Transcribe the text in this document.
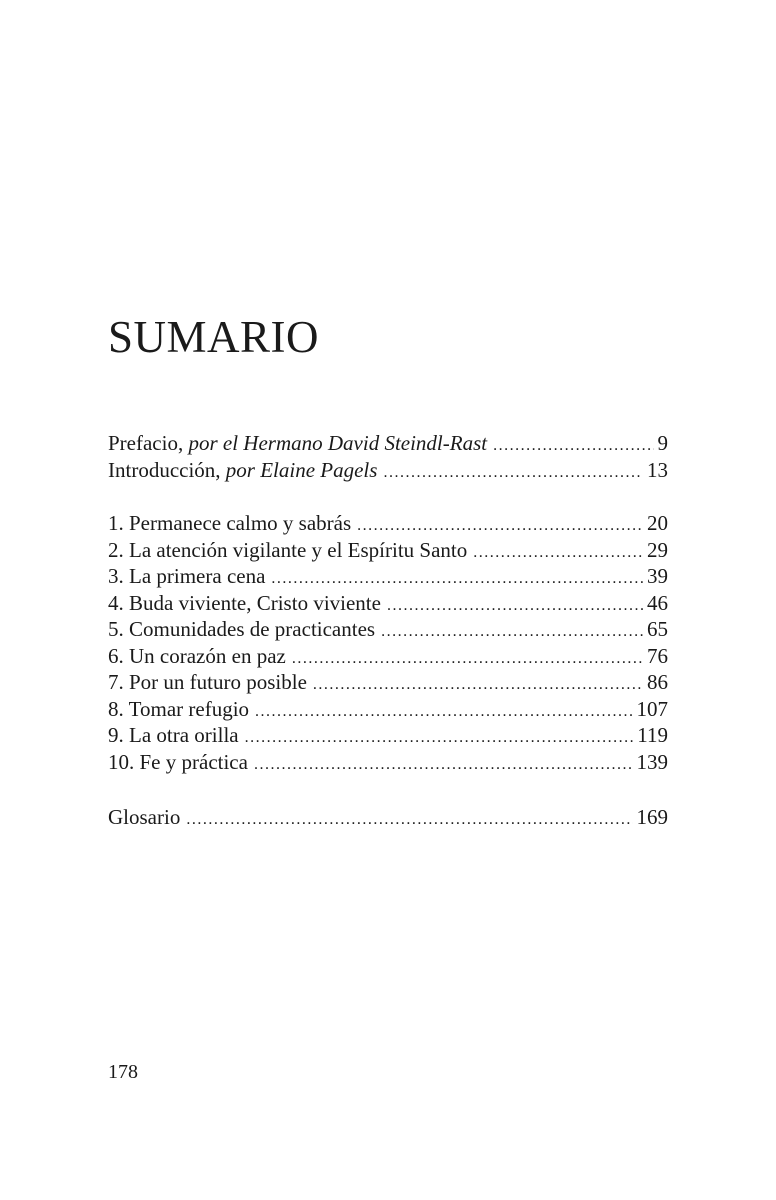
SUMARIO
Prefacio, por el Hermano David Steindl-Rast .....	9
Introducción, por Elaine Pagels .....	13
1. Permanece calmo y sabrás .....	20
2. La atención vigilante y el Espíritu Santo .....	29
3. La primera cena .....	39
4. Buda viviente, Cristo viviente .....	46
5. Comunidades de practicantes .....	65
6. Un corazón en paz .....	76
7. Por un futuro posible .....	86
8. Tomar refugio .....	107
9. La otra orilla .....	119
10. Fe y práctica .....	139
Glosario .....	169
178
